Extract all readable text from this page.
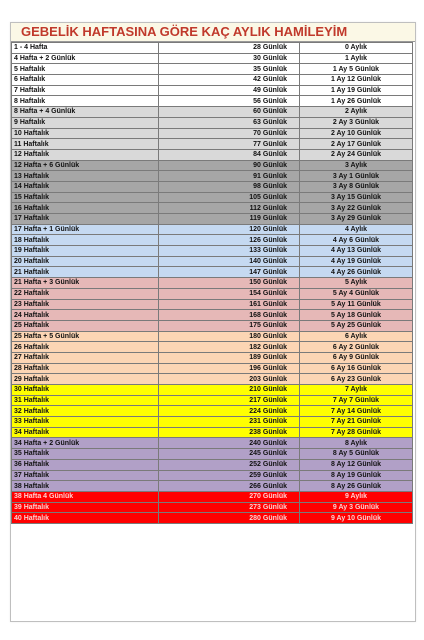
GEBELİK HAFTASINA GÖRE KAÇ AYLIK HAMİLEYİM
1 - 4 Hafta	28 Günlük	0 Aylık
4 Hafta + 2 Günlük	30 Günlük	1 Aylık
5 Haftalık	35 Günlük	1 Ay 5 Günlük
6 Haftalık	42 Günlük	1 Ay 12 Günlük
7 Haftalık	49 Günlük	1 Ay 19 Günlük
8 Haftalık	56 Günlük	1 Ay 26 Günlük
8 Hafta + 4 Günlük	60 Günlük	2 Aylık
9 Haftalık	63 Günlük	2 Ay 3 Günlük
10 Haftalık	70 Günlük	2 Ay 10 Günlük
11 Haftalık	77 Günlük	2 Ay 17 Günlük
12 Haftalık	84 Günlük	2 Ay 24 Günlük
12 Hafta + 6 Günlük	90 Günlük	3 Aylık
13 Haftalık	91 Günlük	3 Ay 1 Günlük
14 Haftalık	98 Günlük	3 Ay 8 Günlük
15 Haftalık	105 Günlük	3 Ay 15 Günlük
16 Haftalık	112 Günlük	3 Ay 22 Günlük
17 Haftalık	119 Günlük	3 Ay 29 Günlük
17 Hafta + 1 Günlük	120 Günlük	4 Aylık
18 Haftalık	126 Günlük	4 Ay 6 Günlük
19 Haftalık	133 Günlük	4 Ay 13 Günlük
20 Haftalık	140 Günlük	4 Ay 19 Günlük
21 Haftalık	147 Günlük	4 Ay 26 Günlük
21 Hafta + 3 Günlük	150 Günlük	5 Aylık
22 Haftalık	154 Günlük	5 Ay 4 Günlük
23 Haftalık	161 Günlük	5 Ay 11 Günlük
24 Haftalık	168 Günlük	5 Ay 18 Günlük
25 Haftalık	175 Günlük	5 Ay 25 Günlük
25 Hafta + 5 Günlük	180 Günlük	6 Aylık
26 Haftalık	182 Günlük	6 Ay 2 Günlük
27 Haftalık	189 Günlük	6 Ay 9 Günlük
28 Haftalık	196 Günlük	6 Ay 16 Günlük
29 Haftalık	203 Günlük	6 Ay 23 Günlük
30 Haftalık	210 Günlük	7 Aylık
31 Haftalık	217 Günlük	7 Ay 7 Günlük
32 Haftalık	224 Günlük	7 Ay 14 Günlük
33 Haftalık	231 Günlük	7 Ay 21 Günlük
34 Haftalık	238 Günlük	7 Ay 28 Günlük
34 Hafta + 2 Günlük	240 Günlük	8 Aylık
35 Haftalık	245 Günlük	8 Ay 5 Günlük
36 Haftalık	252 Günlük	8 Ay 12 Günlük
37 Haftalık	259 Günlük	8 Ay 19 Günlük
38 Haftalık	266 Günlük	8 Ay 26 Günlük
38 Hafta 4 Günlük	270 Günlük	9 Aylık
39 Haftalık	273 Günlük	9 Ay 3 Günlük
40 Haftalık	280 Günlük	9 Ay 10 Günlük
